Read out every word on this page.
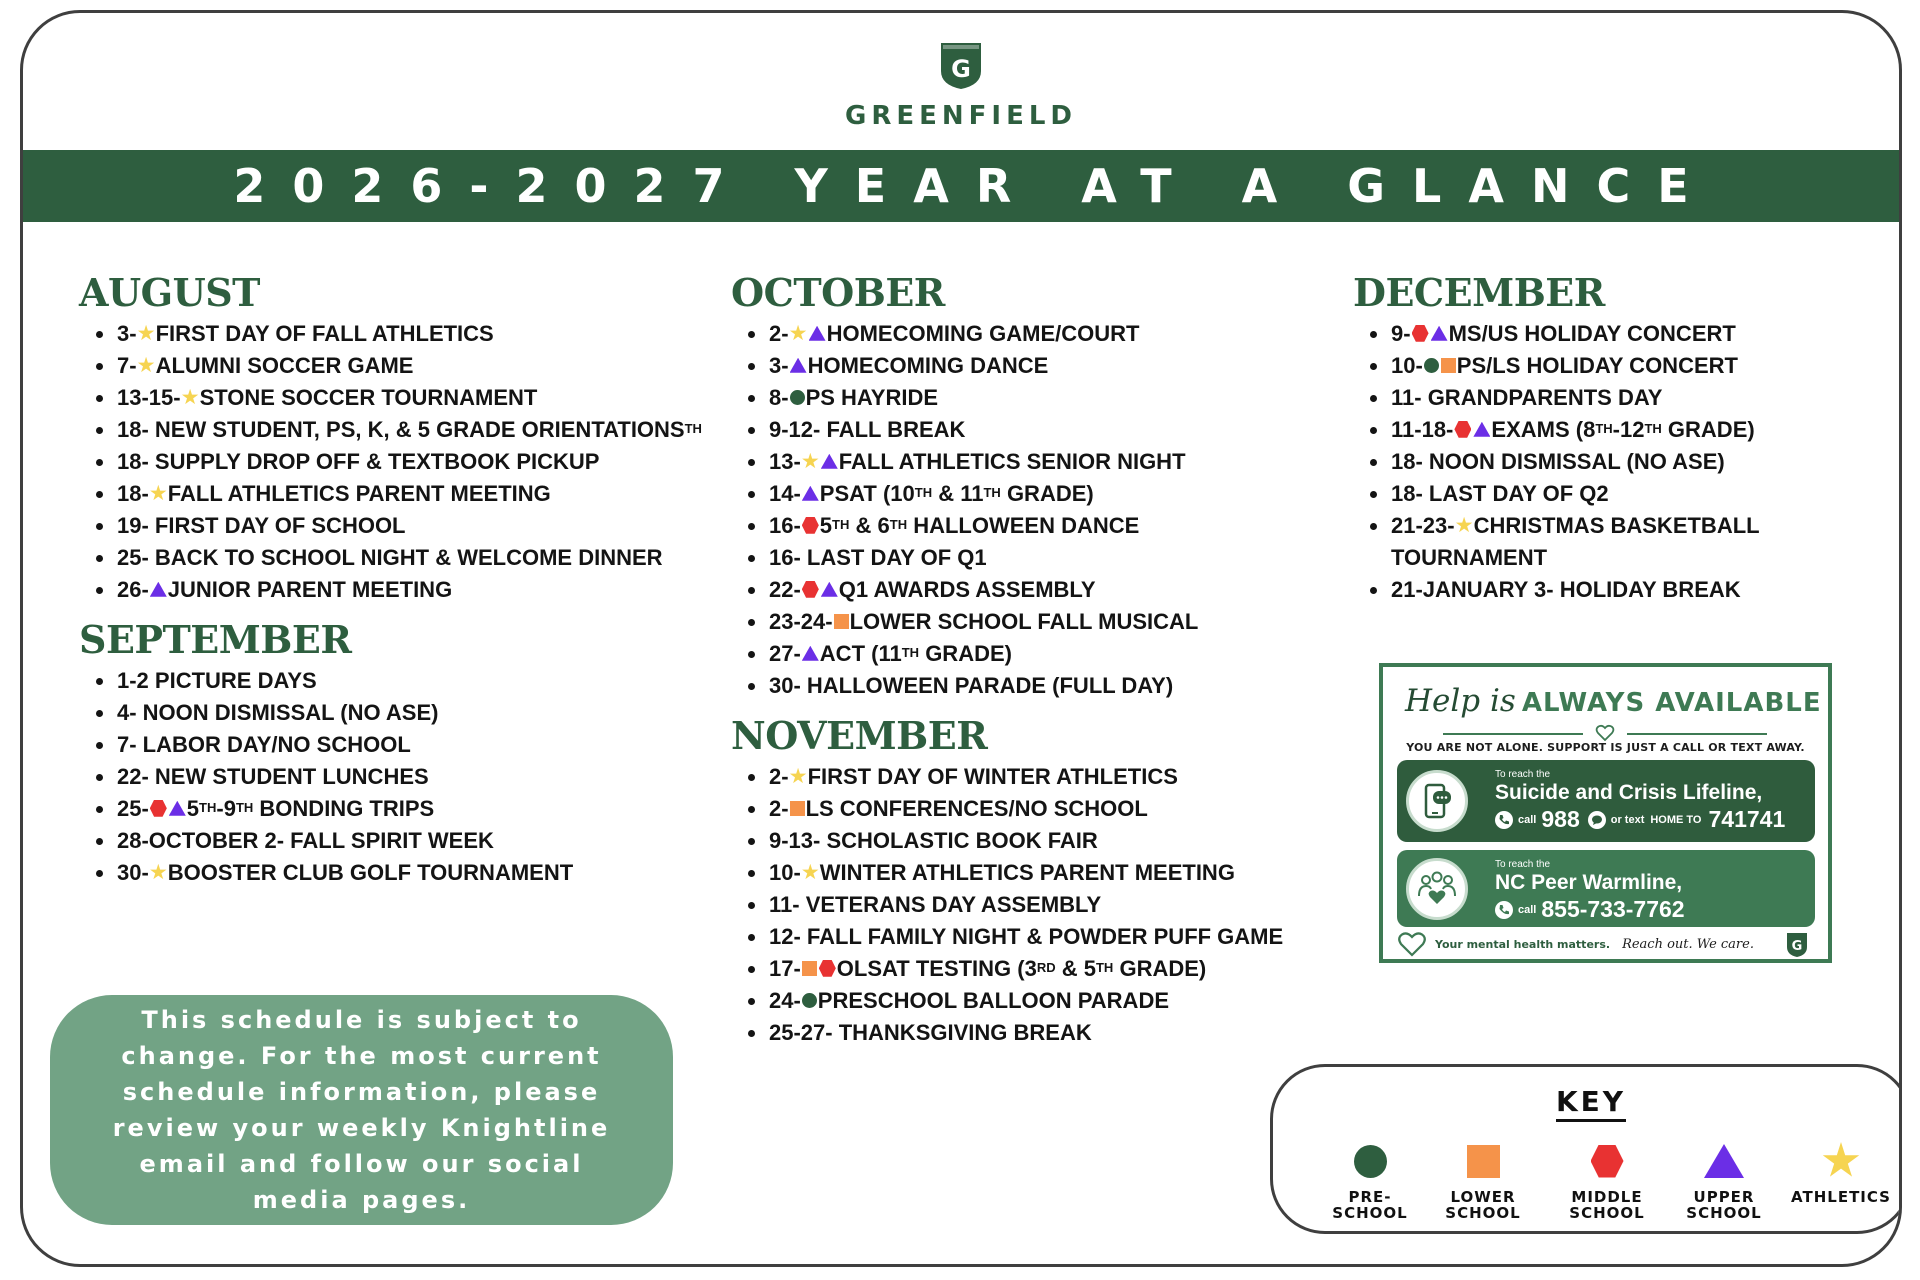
G
GREENFIELD
2026-2027 YEAR AT A GLANCE
AUGUST
3- FIRST DAY OF FALL ATHLETICS
7- ALUMNI SOCCER GAME
13-15- STONE SOCCER TOURNAMENT
18- NEW STUDENT, PS, K, & 5 GRADE $ORIENTATIONS^{TH}$
18- SUPPLY DROP OFF & TEXTBOOK PICKUP
18- FALL ATHLETICS PARENT MEETING
19- FIRST DAY OF SCHOOL
25- BACK TO SCHOOL NIGHT & WELCOME DINNER
26- JUNIOR PARENT MEETING
SEPTEMBER
1-2 PICTURE DAYS
4- NOON DISMISSAL (NO ASE)
7- LABOR DAY/NO SCHOOL
22- NEW STUDENT LUNCHES
25- 5TH-9TH BONDING TRIPS
28-OCTOBER 2- FALL SPIRIT WEEK
30- BOOSTER CLUB GOLF TOURNAMENT
OCTOBER
2- HOMECOMING GAME/COURT
3- HOMECOMING DANCE
8- PS HAYRIDE
9-12- FALL BREAK
13- FALL ATHLETICS SENIOR NIGHT
14- PSAT (10TH & 11TH GRADE)
16- 5TH & 6TH HALLOWEEN DANCE
16- LAST DAY OF Q1
22- Q1 AWARDS ASSEMBLY
23-24- LOWER SCHOOL FALL MUSICAL
27- ACT (11TH GRADE)
30- HALLOWEEN PARADE (FULL DAY)
NOVEMBER
2- FIRST DAY OF WINTER ATHLETICS
2- LS CONFERENCES/NO SCHOOL
9-13- SCHOLASTIC BOOK FAIR
10- WINTER ATHLETICS PARENT MEETING
11- VETERANS DAY ASSEMBLY
12- FALL FAMILY NIGHT & POWDER PUFF GAME
17- OLSAT TESTING (3RD & 5TH GRADE)
24- PRESCHOOL BALLOON PARADE
25-27- THANKSGIVING BREAK
DECEMBER
9- MS/US HOLIDAY CONCERT
10- PS/LS HOLIDAY CONCERT
11- GRANDPARENTS DAY
11-18- EXAMS (8TH-12TH GRADE)
18- NOON DISMISSAL (NO ASE)
18- LAST DAY OF Q2
21-23- CHRISTMAS BASKETBALL TOURNAMENT
21-JANUARY 3- HOLIDAY BREAK

This schedule is subject to change. For the most current schedule information, please review your weekly Knightline email and follow our social media pages.

Help is ALWAYS AVAILABLE
YOU ARE NOT ALONE. SUPPORT IS JUST A CALL OR TEXT AWAY.
To reach the
Suicide and Crisis Lifeline,
call 988	or text HOME TO 741741
To reach the
NC Peer Warmline,
call 855-733-7762
Your mental health matters. Reach out. We care.	G
KEY
PRE-
SCHOOL
LOWER
SCHOOL
MIDDLE
SCHOOL
UPPER
SCHOOL
ATHLETICS
